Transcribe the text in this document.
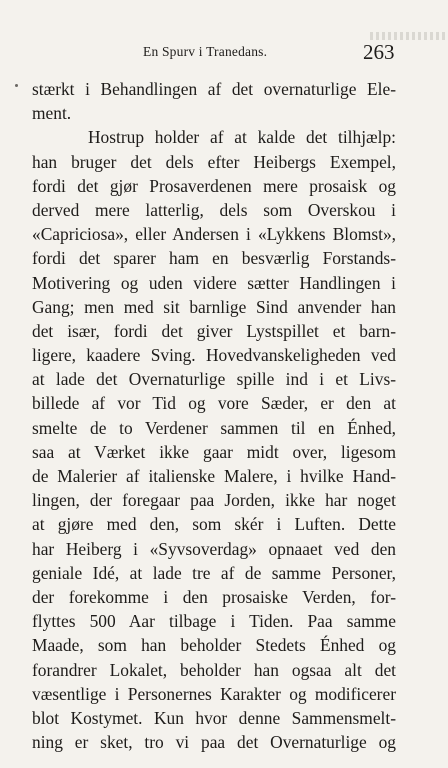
En Spurv i Tranedans.	263
stærkt i Behandlingen af det overnaturlige Ele-
ment.
Hostrup holder af at kalde det tilhjælp:
han bruger det dels efter Heibergs Exempel,
fordi det gjør Prosaverdenen mere prosaisk og
derved mere latterlig, dels som Overskou i
«Capriciosa», eller Andersen i «Lykkens Blomst»,
fordi det sparer ham en besværlig Forstands-
Motivering og uden videre sætter Handlingen i
Gang; men med sit barnlige Sind anvender han
det især, fordi det giver Lystspillet et barn-
ligere, kaadere Sving. Hovedvanskeligheden ved
at lade det Overnaturlige spille ind i et Livs-
billede af vor Tid og vore Sæder, er den at
smelte de to Verdener sammen til en Énhed,
saa at Værket ikke gaar midt over, ligesom
de Malerier af italienske Malere, i hvilke Hand-
lingen, der foregaar paa Jorden, ikke har noget
at gjøre med den, som skér i Luften. Dette
har Heiberg i «Syvsoverdag» opnaaet ved den
geniale Idé, at lade tre af de samme Personer,
der forekomme i den prosaiske Verden, for-
flyttes 500 Aar tilbage i Tiden. Paa samme
Maade, som han beholder Stedets Énhed og
forandrer Lokalet, beholder han ogsaa alt det
væsentlige i Personernes Karakter og modificerer
blot Kostymet. Kun hvor denne Sammensmelt-
ning er sket, tro vi paa det Overnaturlige og
